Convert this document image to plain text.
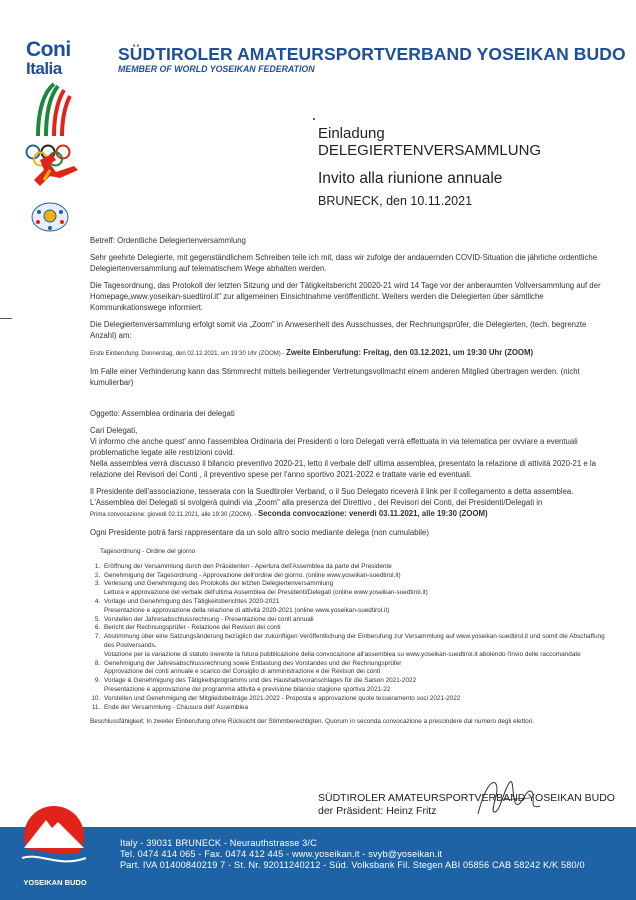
Coni
Italia

SÜDTIROLER AMATEURSPORTVERBAND YOSEIKAN BUDO
MEMBER OF WORLD YOSEIKAN FEDERATION
Einladung
DELEGIERTENVERSAMMLUNG
Invito alla riunione annuale
BRUNECK, den 10.11.2021

Betreff: Ordentliche Delegiertenversammlung

Sehr geehrte Delegierte, mit gegenständlichem Schreiben teile ich mit, dass wir zufolge der andauernden COVID-Situation die jährliche ordentliche Delegiertenversammlung auf telematischem Wege abhalten werden.

Die Tagesordnung, das Protokoll der letzten Sitzung und der Tätigkeitsbericht 20020-21 wird 14 Tage vor der anberaumten Vollversammlung auf der Homepage„www.yoseikan-suedtirol.it" zur allgemeinen Einsichtnahme veröffentlicht. Weiters werden die Delegierten über sämtliche Kommunikationswege informiert.

Die Delegiertenversammlung erfolgt somit via „Zoom" in Anwesenheit des Ausschusses, der Rechnungsprüfer, die Delegierten, (tech. begrenzte Anzahl) am:

Erste Einberufung: Donnerstag, den 02.12.2021, um 19:30 Uhr (ZOOM) - Zweite Einberufung: Freitag, den 03.12.2021, um 19:30 Uhr (ZOOM)

Im Falle einer Verhinderung kann das Stimmrecht mittels beiliegender Vertretungsvollmacht einem anderen Mitglied übertragen werden. (nicht kumulierbar)

Oggetto: Assemblea ordinaria dei delegati

Cari Delegati,

Vi informo che anche quest' anno l'assemblea Ordinaria dei Presidenti o loro Delegati verrà effettuata in via telematica per ovviare a eventuali problematiche legate alle restrizioni covid.

Nella assemblea verrà discusso il bilancio preventivo 2020-21, letto il verbale dell' ultima assemblea, presentato la relazione di attività 2020-21 e la relazione dei Revisori dei Conti , il preventivo spese per l'anno sportivo 2021-2022 e trattate varie ed eventuali.

Il Presidente dell'associazione, tesserata con la Suedtiroler Verband, o il Suo Delegato riceverà il link per il collegamento a detta assemblea.

L'Assemblea dei Delegati si svolgerà quindi via „Zoom" alla presenza del Direttivo , dei Revisori dei Conti, dei Presidenti/Delegati in

Prima convocazione: giovedì 02.11.2021, alle 19:30 (ZOOM). - Seconda convocazione: venerdì 03.11.2021, alle 19:30 (ZOOM)

Ogni Presidente potrà farsi rappresentare da un solo altro socio mediante delega (non cumulabile)

Tagesordnung - Ordine del giorno
1. Eröffnung der Versammlung durch den Präsidenten - Apertura dell'Assemblea da parte del Presidente
2. Genehmigung der Tagesordnung - Approvazione dell'ordine del giorno. (online www.yoseikan-suedtirol.it)
3. Verlesung und Genehmigung des Protokolls der letzten Delegiertenversammlung
Lettura e approvazione del verbale dell'ultima Assemblea dei Presidenti/Delegati (online www.yoseikan-suedtirol.it)
4. Vorlage und Genehmigung des Tätigkeitsberichtes 2020-2021
Presentazione e approvazione della relazione di attività 2020-2021 (online www.yoseikan-suedtirol.it)
5. Vorstellen der Jahresabschlussrechnung - Presentazione dei conti annuali
6. Bericht der Rechnungsprüfer - Relazione dei Revisori dei conti
7. Abstimmung über eine Satzungsänderung bezüglich der zukünftigen Veröffentlichung der Einberufung zur Versammlung auf www.yoseikan-suedtirol.it und somit die Abschaffung des Postversands.
Votazione per la variazione di statuto inerente la futura pubblicazione della convocazione all'assemblea su www.yoseikan-suedtirol.it abolendo l'invio delle raccomandate
8. Genehmigung der Jahresabschlussrechnung sowie Entlastung des Vorstandes und der Rechnungsprüfer
Approvazione dei conti annuale e scarico del Consiglio di amministrazione e dei Revisori dei conti
9. Vorlage & Genehmigung des Tätigkeitsprogramms und des Haushaltsvoranschlages für die Saison 2021-2022
Presentazione e approvazione del programma attività e previsione bilancio stagione sportiva 2021-22
10. Vorstellen und Genehmigung der Mitgliedsbeiträge 2021-2022 - Proposta e approvazione quote tesseramento soci 2021-2022
11. Ende der Versammlung - Chiusura dell' Assemblea
Beschlussfähigkeit; In zweiter Einberufung ohne Rücksicht der Stimmberechtigten. Quorum in seconda convocazione a prescindere dal numero degli elettori.
SÜDTIROLER AMATEURSPORTVERBAND YOSEIKAN BUDO
der Präsident: Heinz Fritz
YOSEIKAN BUDO
Italy - 39031 BRUNECK - Neurauthstrasse 3/C
Tel. 0474 414 065 - Fax. 0474 412 445 - www.yoseikan.it - svyb@yoseikan.it
Part. IVA 01400840219 7 - St. Nr. 92011240212 - Süd. Volksbank Fil. Stegen ABI 05856 CAB 58242 K/K 580/0
